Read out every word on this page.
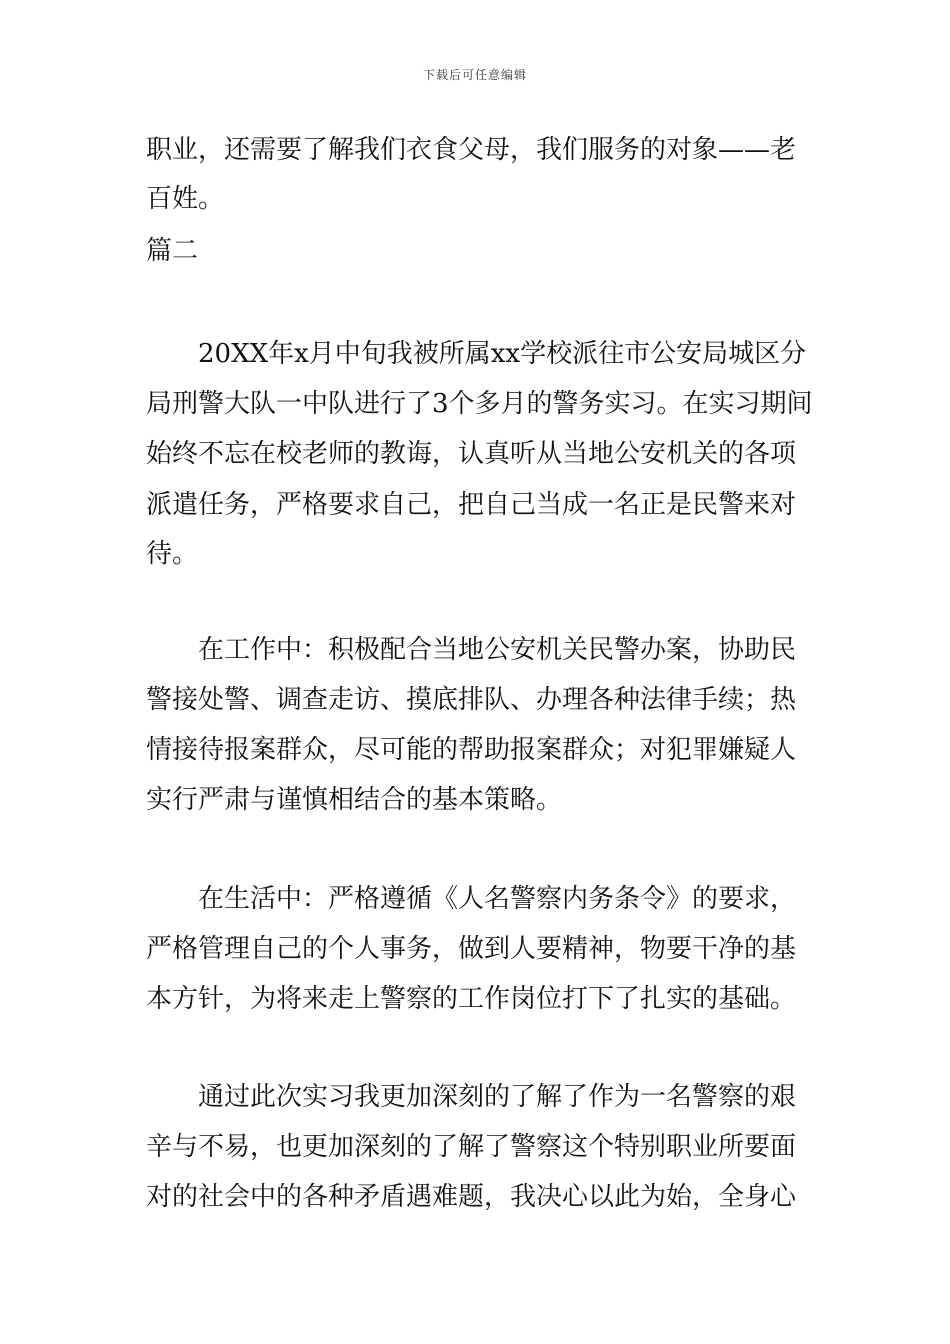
下载后可任意编辑
职业，还需要了解我们衣食父母，我们服务的对象——老
百姓。
篇二
20XX年x月中旬我被所属xx学校派往市公安局城区分
局刑警大队一中队进行了3个多月的警务实习。在实习期间
始终不忘在校老师的教诲，认真听从当地公安机关的各项
派遣任务，严格要求自己，把自己当成一名正是民警来对
待。
在工作中：积极配合当地公安机关民警办案，协助民
警接处警、调查走访、摸底排队、办理各种法律手续；热
情接待报案群众，尽可能的帮助报案群众；对犯罪嫌疑人
实行严肃与谨慎相结合的基本策略。
在生活中：严格遵循《人名警察内务条令》的要求，
严格管理自己的个人事务，做到人要精神，物要干净的基
本方针，为将来走上警察的工作岗位打下了扎实的基础。
通过此次实习我更加深刻的了解了作为一名警察的艰
辛与不易，也更加深刻的了解了警察这个特别职业所要面
对的社会中的各种矛盾遇难题，我决心以此为始，全身心
